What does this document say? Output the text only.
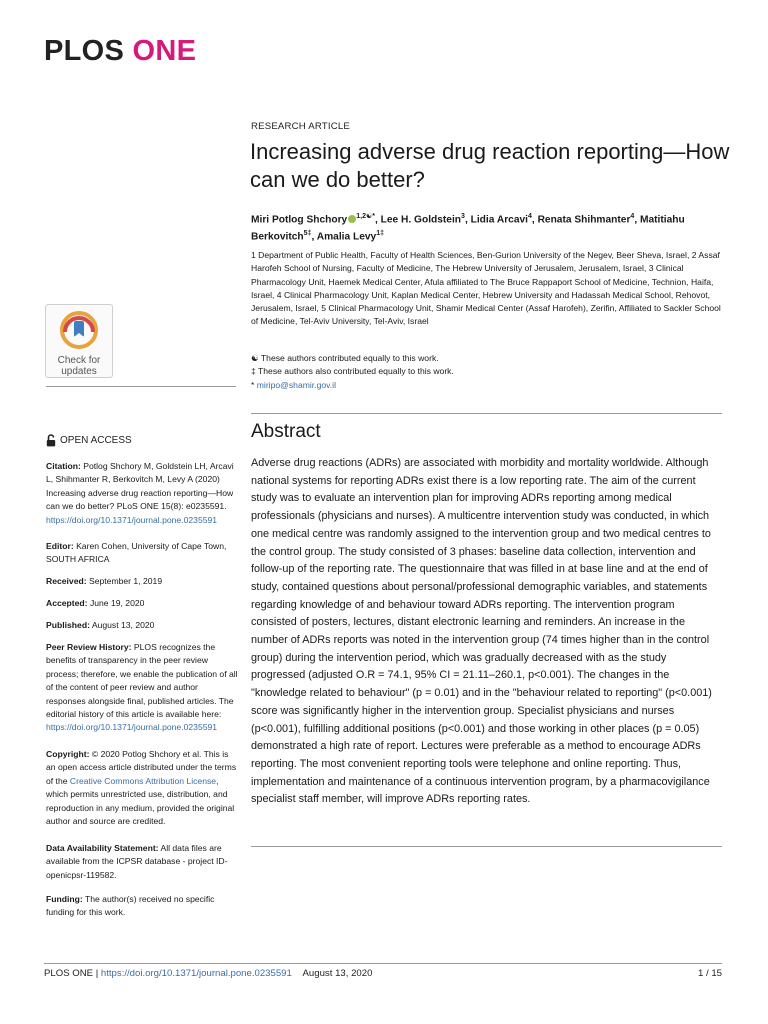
PLOS ONE
Check for
updates
OPEN ACCESS
Citation: Potlog Shchory M, Goldstein LH, Arcavi L, Shihmanter R, Berkovitch M, Levy A (2020) Increasing adverse drug reaction reporting—How can we do better? PLoS ONE 15(8): e0235591. https://doi.org/10.1371/journal.pone.0235591
Editor: Karen Cohen, University of Cape Town, SOUTH AFRICA
Received: September 1, 2019
Accepted: June 19, 2020
Published: August 13, 2020
Peer Review History: PLOS recognizes the benefits of transparency in the peer review process; therefore, we enable the publication of all of the content of peer review and author responses alongside final, published articles. The editorial history of this article is available here: https://doi.org/10.1371/journal.pone.0235591
Copyright: © 2020 Potlog Shchory et al. This is an open access article distributed under the terms of the Creative Commons Attribution License, which permits unrestricted use, distribution, and reproduction in any medium, provided the original author and source are credited.
Data Availability Statement: All data files are available from the ICPSR database - project ID-openicpsr-119582.
Funding: The author(s) received no specific funding for this work.
RESEARCH ARTICLE
Increasing adverse drug reaction reporting—How can we do better?
Miri Potlog Shchory $^{1,2☯*}$, Lee H. Goldstein$^3$, Lidia Arcavi$^4$, Renata Shihmanter$^4$, Matitiahu Berkovitch$^{5\ddagger}$, Amalia Levy$^{1\ddagger}$
1 Department of Public Health, Faculty of Health Sciences, Ben-Gurion University of the Negev, Beer Sheva, Israel, 2 Assaf Harofeh School of Nursing, Faculty of Medicine, The Hebrew University of Jerusalem, Jerusalem, Israel, 3 Clinical Pharmacology Unit, Haemek Medical Center, Afula affiliated to The Bruce Rappaport School of Medicine, Technion, Haifa, Israel, 4 Clinical Pharmacology Unit, Kaplan Medical Center, Hebrew University and Hadassah Medical School, Rehovot, Jerusalem, Israel, 5 Clinical Pharmacology Unit, Shamir Medical Center (Assaf Harofeh), Zerifin, Affiliated to Sackler School of Medicine, Tel-Aviv University, Tel-Aviv, Israel
☯ These authors contributed equally to this work.
‡ These authors also contributed equally to this work.
* miripo@shamir.gov.il
Abstract

Adverse drug reactions (ADRs) are associated with morbidity and mortality worldwide. Although national systems for reporting ADRs exist there is a low reporting rate. The aim of the current study was to evaluate an intervention plan for improving ADRs reporting among medical professionals (physicians and nurses). A multicentre intervention study was conducted, in which one medical centre was randomly assigned to the intervention group and two medical centres to the control group. The study consisted of 3 phases: baseline data collection, intervention and follow-up of the reporting rate. The questionnaire that was filled in at base line and at the end of study, contained questions about personal/professional demographic variables, and statements regarding knowledge of and behaviour toward ADRs reporting. The intervention program consisted of posters, lectures, distant electronic learning and reminders. An increase in the number of ADRs reports was noted in the intervention group (74 times higher than in the control group) during the intervention period, which was gradually decreased with as the study progressed (adjusted O.R = 74.1, 95% CI = 21.11–260.1, p<0.001). The changes in the "knowledge related to behaviour" (p = 0.01) and in the "behaviour related to reporting" (p<0.001) score was significantly higher in the intervention group. Specialist physicians and nurses (p<0.001), fulfilling additional positions (p<0.001) and those working in other places (p = 0.05) demonstrated a high rate of report. Lectures were preferable as a method to encourage ADRs reporting. The most convenient reporting tools were telephone and online reporting. Thus, implementation and maintenance of a continuous intervention program, by a pharmacovigilance specialist staff member, will improve ADRs reporting rates.

PLOS ONE | https://doi.org/10.1371/journal.pone.0235591 August 13, 2020	1 / 15
